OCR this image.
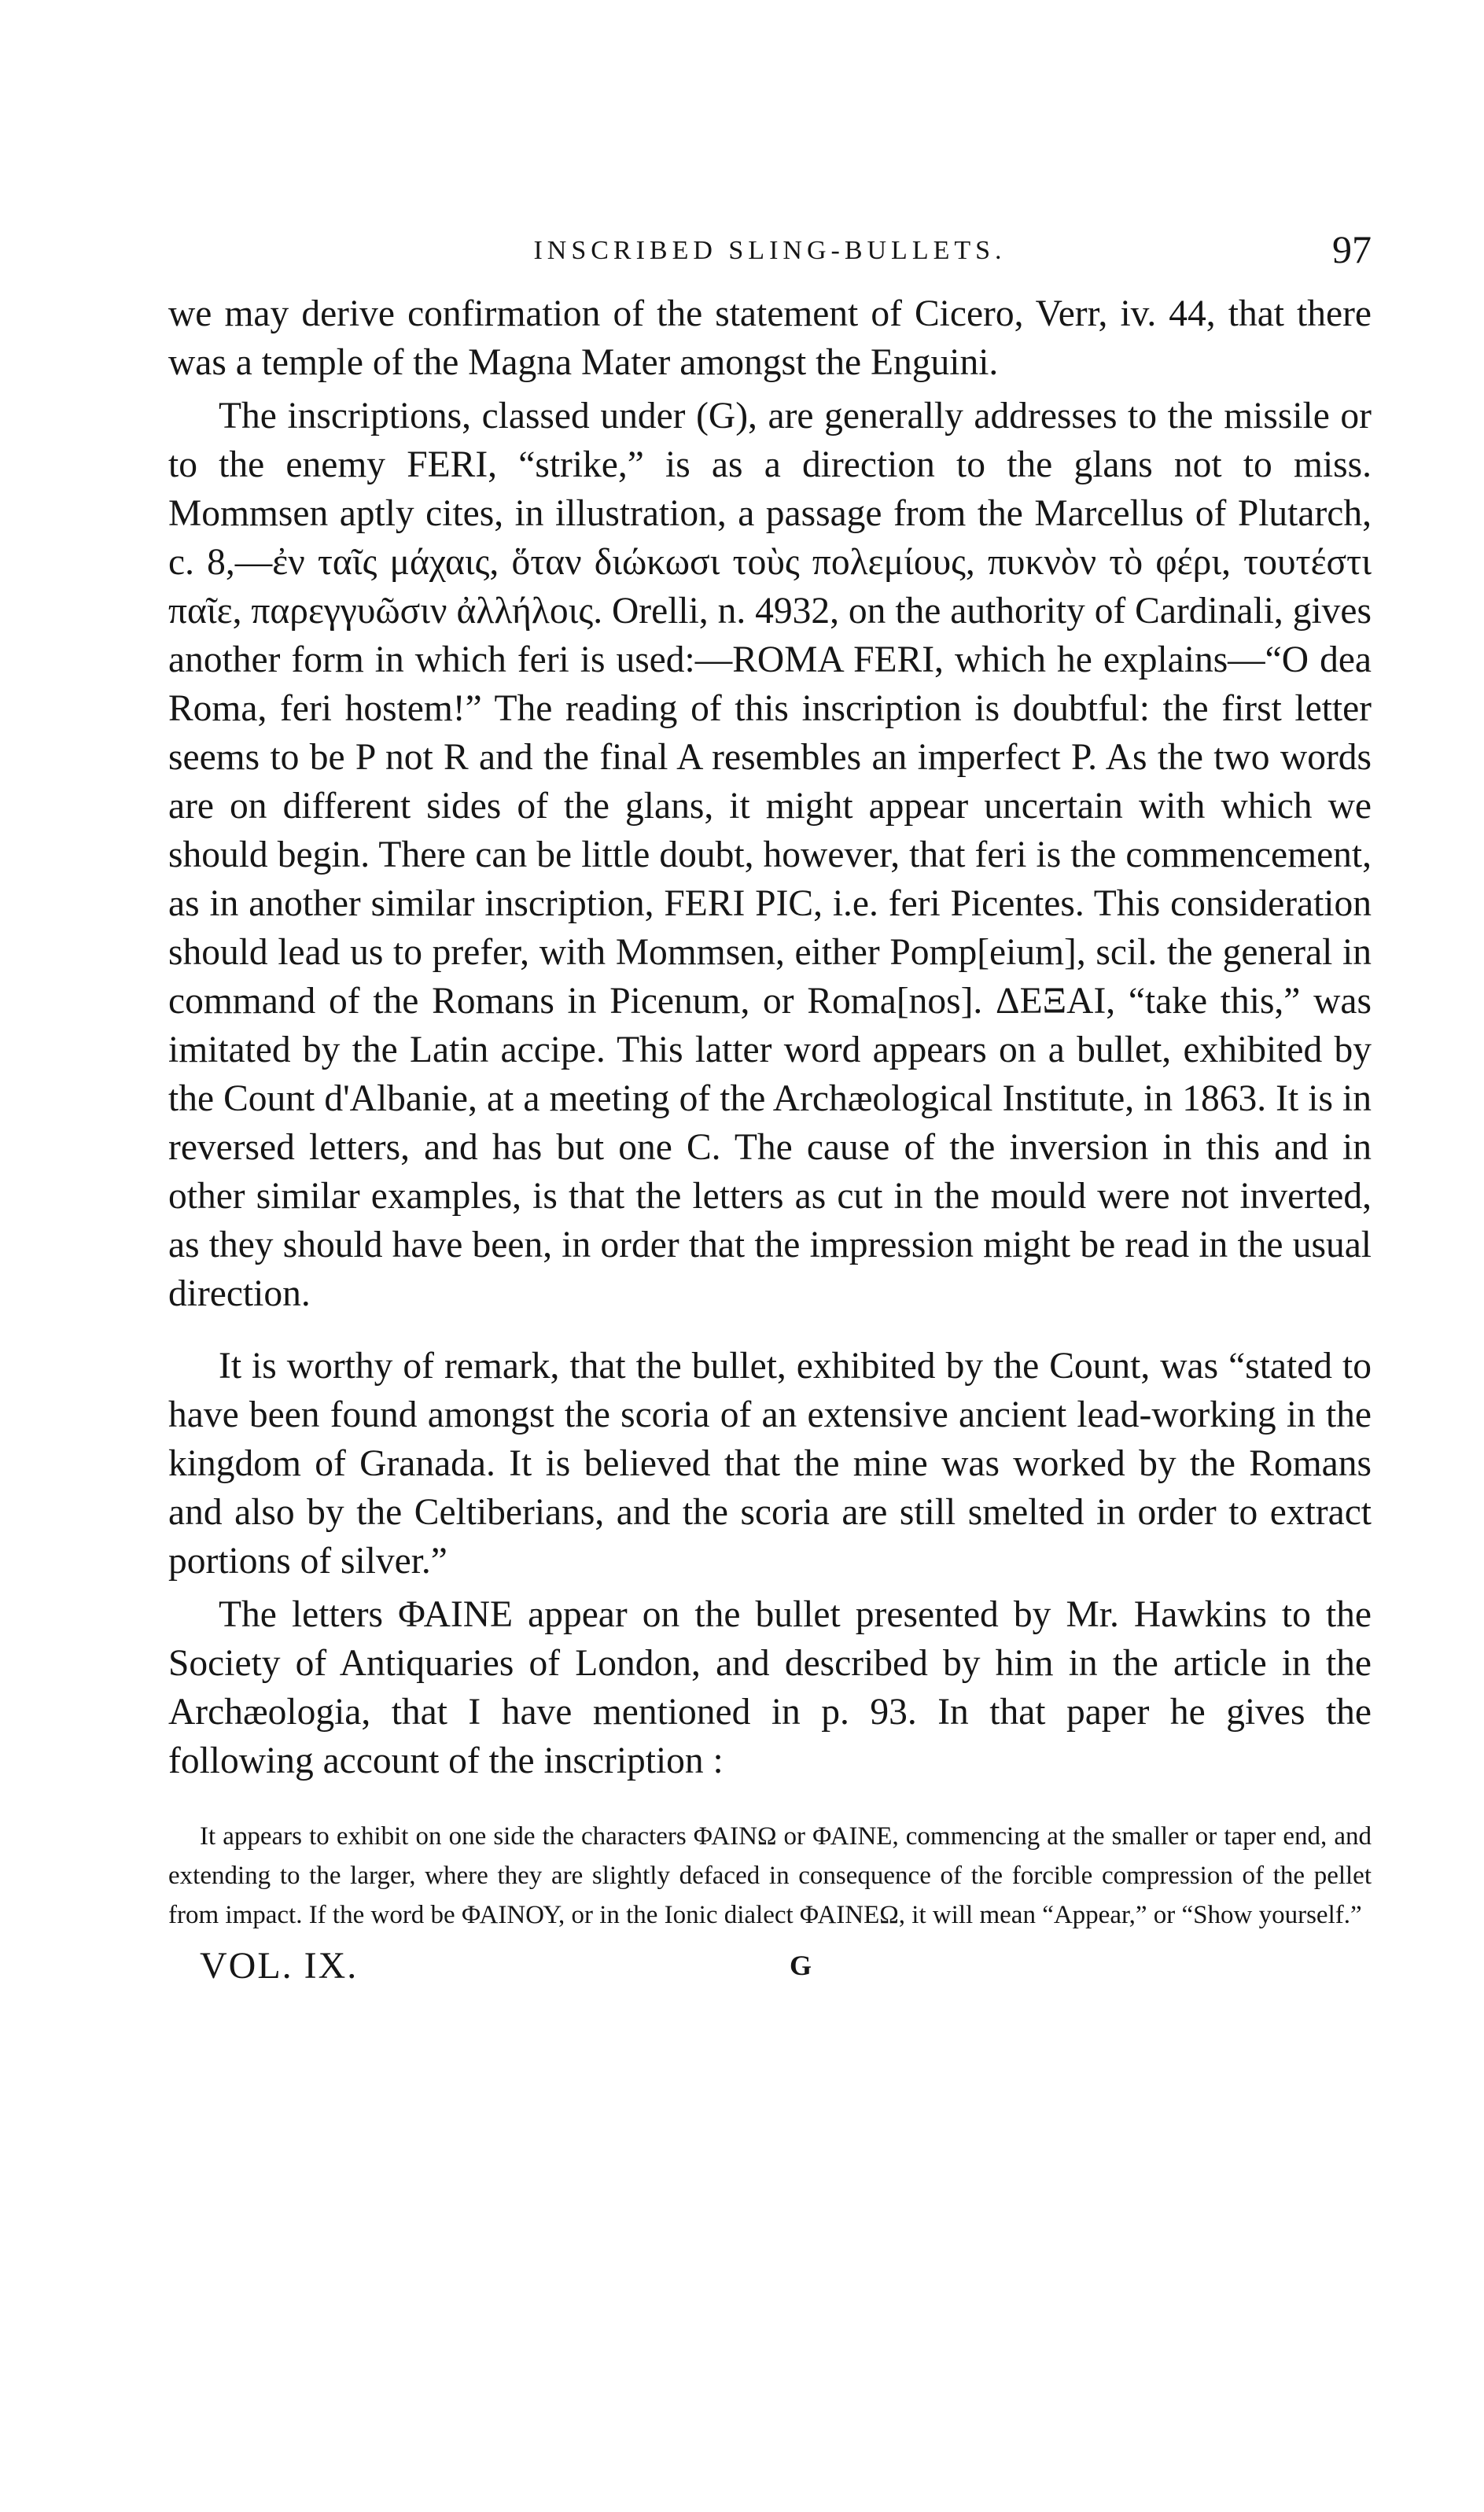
INSCRIBED SLING-BULLETS.	97

we may derive confirmation of the statement of Cicero, Verr, iv. 44, that there was a temple of the Magna Mater amongst the Enguini.

The inscriptions, classed under (G), are generally addresses to the missile or to the enemy FERI, “strike,” is as a direction to the glans not to miss. Mommsen aptly cites, in illustration, a passage from the Marcellus of Plutarch, c. 8,—ἐν ταῖς μάχαις, ὅταν διώκωσι τοὺς πολεμίους, πυκνὸν τὸ φέρι, τουτέστι παῖε, παρεγγυῶσιν ἀλλήλοις. Orelli, n. 4932, on the authority of Cardinali, gives another form in which feri is used:—ROMA FERI, which he explains—“O dea Roma, feri hostem!” The reading of this inscription is doubtful: the first letter seems to be P not R and the final A resembles an imperfect P. As the two words are on different sides of the glans, it might appear uncertain with which we should begin. There can be little doubt, however, that feri is the commencement, as in another similar inscription, FERI PIC, i.e. feri Picentes. This consideration should lead us to prefer, with Mommsen, either Pomp[eium], scil. the general in command of the Romans in Picenum, or Roma[nos]. ΔΕΞΑΙ, “take this,” was imitated by the Latin accipe. This latter word appears on a bullet, exhibited by the Count d'Albanie, at a meeting of the Archæological Institute, in 1863. It is in reversed letters, and has but one C. The cause of the inversion in this and in other similar examples, is that the letters as cut in the mould were not inverted, as they should have been, in order that the impression might be read in the usual direction.

It is worthy of remark, that the bullet, exhibited by the Count, was “stated to have been found amongst the scoria of an extensive ancient lead-working in the kingdom of Granada. It is believed that the mine was worked by the Romans and also by the Celtiberians, and the scoria are still smelted in order to extract portions of silver.”

The letters ΦΑΙΝΕ appear on the bullet presented by Mr. Hawkins to the Society of Antiquaries of London, and described by him in the article in the Archæologia, that I have mentioned in p. 93. In that paper he gives the following account of the inscription :

It appears to exhibit on one side the characters ΦΑΙΝΩ or ΦΑΙΝΕ, commencing at the smaller or taper end, and extending to the larger, where they are slightly defaced in consequence of the forcible compression of the pellet from impact. If the word be ΦΑΙΝΟΥ, or in the Ionic dialect ΦΑΙΝΕΩ, it will mean “Appear,” or “Show yourself.”
VOL. IX.	G
